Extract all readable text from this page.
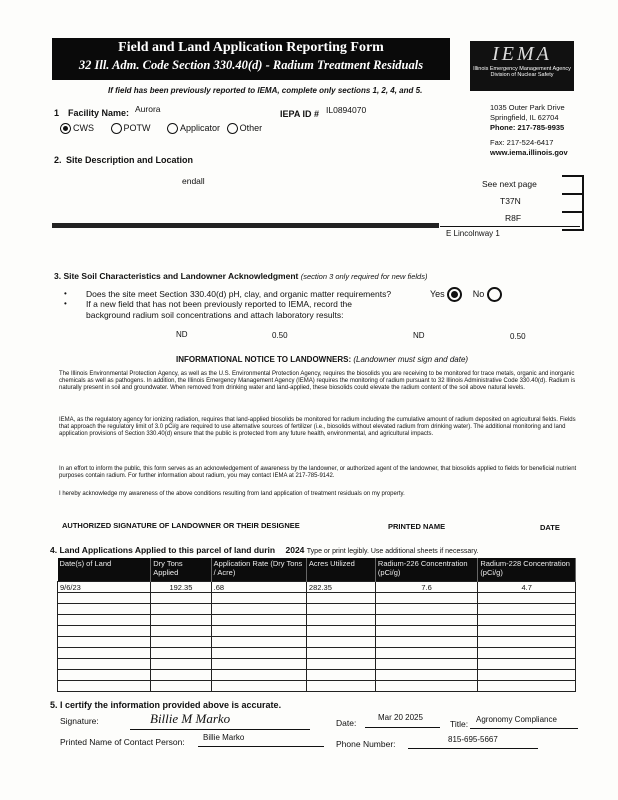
Field and Land Application Reporting Form
32 Ill. Adm. Code Section 330.40(d) - Radium Treatment Residuals	IEMA
Illinois Emergency Management Agency
Division of Nuclear Safety
If field has been previously reported to IEMA, complete only sections 1, 2, 4, and 5.
1035 Outer Park Drive
Springfield, IL 62704
Phone: 217-785-9935
Fax: 217-524-6417
www.iema.illinois.gov
1 Facility Name: Aurora	IEPA ID # IL0894070
CWS	POTW	Applicator Other
2. Site Description and Location
endall	See next page
T37N
R8F
E Lincolnway 1
3. Site Soil Characteristics and Landowner Acknowledgment (section 3 only required for new fields)
• Does the site meet Section 330.40(d) pH, clay, and organic matter requirements?	Yes	No
• If a new field that has not been previously reported to IEMA, record the
background radium soil concentrations and attach laboratory results:
ND	0.50	ND	0.50
INFORMATIONAL NOTICE TO LANDOWNERS: (Landowner must sign and date)
The Illinois Environmental Protection Agency, as well as the U.S. Environmental Protection Agency, requires the biosolids you are receiving to be monitored for trace metals, organic and inorganic chemicals as well as pathogens. In addition, the Illinois Emergency Management Agency (IEMA) requires the monitoring of radium pursuant to 32 Illinois Administrative Code 330.40(d). Radium is naturally present in soil and groundwater. When removed from drinking water and land-applied, these biosolids could elevate the radium content of the soil above natural levels.
IEMA, as the regulatory agency for ionizing radiation, requires that land-applied biosolids be monitored for radium including the cumulative amount of radium deposited on agricultural fields. Fields that approach the regulatory limit of 3.0 pCi/g are required to use alternative sources of fertilizer (i.e., biosolids without elevated radium from drinking water). The additional monitoring and land application provisions of Section 330.40(d) ensure that the public is protected from any future health, environmental, and agricultural impacts.
In an effort to inform the public, this form serves as an acknowledgement of awareness by the landowner, or authorized agent of the landowner, that biosolids applied to fields for beneficial nutrient purposes contain radium. For further information about radium, you may contact IEMA at 217-785-9142.
I hereby acknowledge my awareness of the above conditions resulting from land application of treatment residuals on my property.
AUTHORIZED SIGNATURE OF LANDOWNER OR THEIR DESIGNEE	PRINTED NAME	DATE
4. Land Applications Applied to this parcel of land durin 2024 Type or print legibly. Use additional sheets if necessary.
Date(s) of Land	Dry Tons Applied	Application Rate (Dry Tons / Acre)	Acres Utilized	Radium-226 Concentration (pCi/g)	Radium-228 Concentration (pCi/g)
9/6/23	192.35	.68	282.35	7.6	4.7

5. I certify the information provided above is accurate.
Signature:	Billie M Marko	Date:
Mar 20 2025
Title: Agronomy Compliance
Printed Name of Contact Person: Billie Marko
Phone Number:	815-695-5667
